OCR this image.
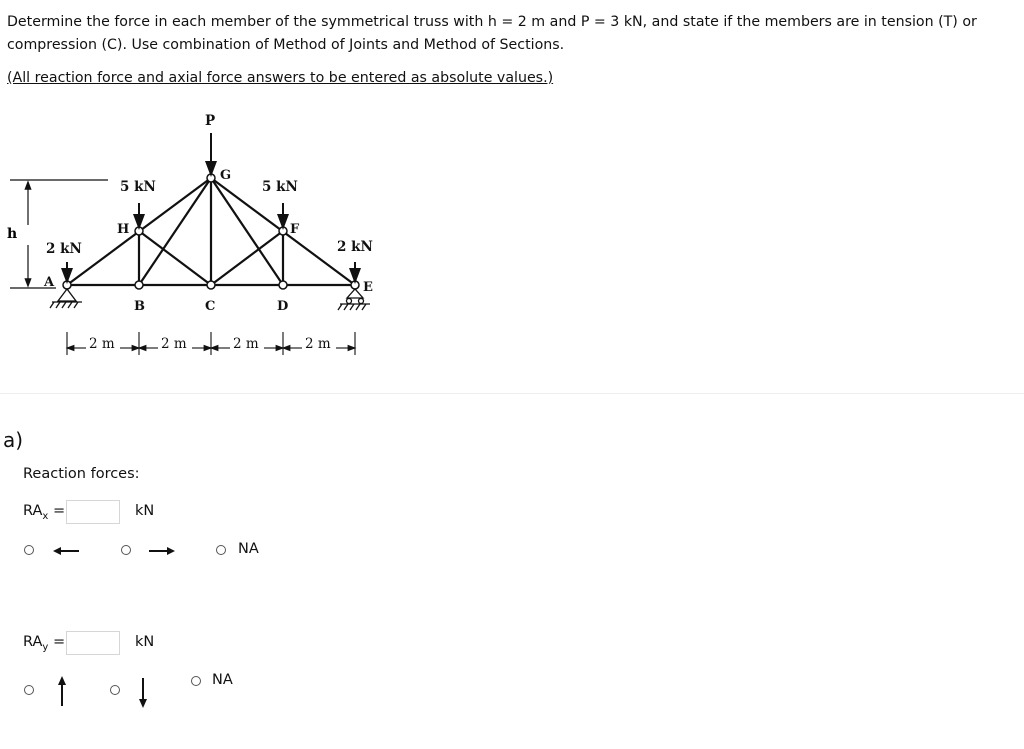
Determine the force in each member of the symmetrical truss with h = 2 m and P = 3 kN, and state if the members are in tension (T) or compression (C). Use combination of Method of Joints and Method of Sections.
(All reaction force and axial force answers to be entered as absolute values.)
h
P
5 kN	5 kN
2 kN	2 kN
A
B	C	D
E
F
G
H
2 m	2 m	2 m	2 m
a)
Reaction forces:
$RA_x$ =	kN
NA
$RA_y$ =	kN
NA
